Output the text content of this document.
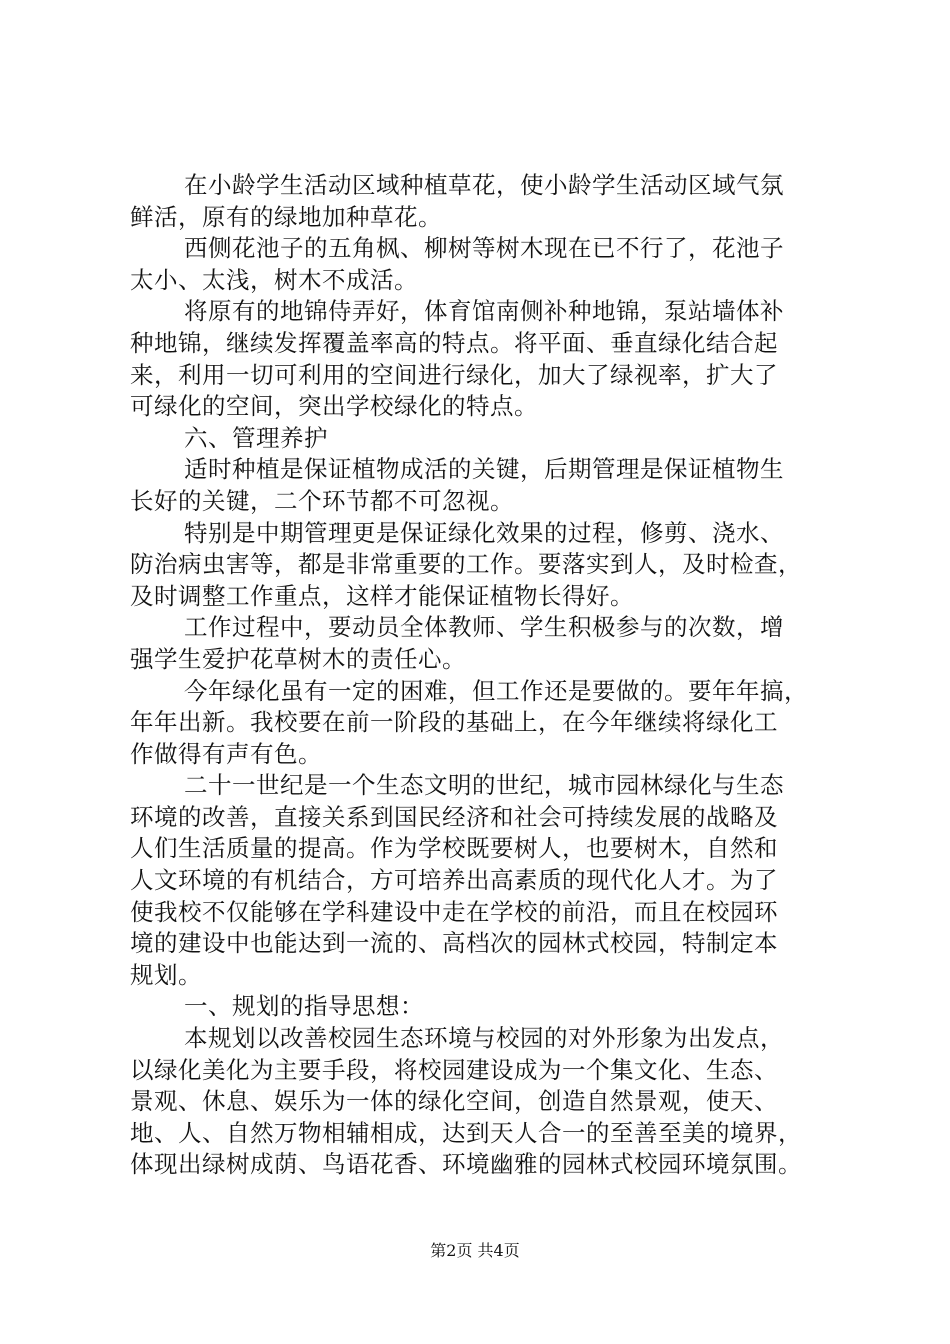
在小龄学生活动区域种植草花，使小龄学生活动区域气氛
鲜活，原有的绿地加种草花。
西侧花池子的五角枫、柳树等树木现在已不行了，花池子
太小、太浅，树木不成活。
将原有的地锦侍弄好，体育馆南侧补种地锦，泵站墙体补
种地锦，继续发挥覆盖率高的特点。将平面、垂直绿化结合起
来，利用一切可利用的空间进行绿化，加大了绿视率，扩大了
可绿化的空间，突出学校绿化的特点。
六、管理养护
适时种植是保证植物成活的关键，后期管理是保证植物生
长好的关键，二个环节都不可忽视。
特别是中期管理更是保证绿化效果的过程，修剪、浇水、
防治病虫害等，都是非常重要的工作。要落实到人，及时检查，
及时调整工作重点，这样才能保证植物长得好。
工作过程中，要动员全体教师、学生积极参与的次数，增
强学生爱护花草树木的责任心。
今年绿化虽有一定的困难，但工作还是要做的。要年年搞，
年年出新。我校要在前一阶段的基础上，在今年继续将绿化工
作做得有声有色。
二十一世纪是一个生态文明的世纪，城市园林绿化与生态
环境的改善，直接关系到国民经济和社会可持续发展的战略及
人们生活质量的提高。作为学校既要树人，也要树木，自然和
人文环境的有机结合，方可培养出高素质的现代化人才。为了
使我校不仅能够在学科建设中走在学校的前沿，而且在校园环
境的建设中也能达到一流的、高档次的园林式校园，特制定本
规划。
一、规划的指导思想：
本规划以改善校园生态环境与校园的对外形象为出发点，
以绿化美化为主要手段，将校园建设成为一个集文化、生态、
景观、休息、娱乐为一体的绿化空间，创造自然景观，使天、
地、人、自然万物相辅相成，达到天人合一的至善至美的境界，
体现出绿树成荫、鸟语花香、环境幽雅的园林式校园环境氛围。
第2页 共4页
